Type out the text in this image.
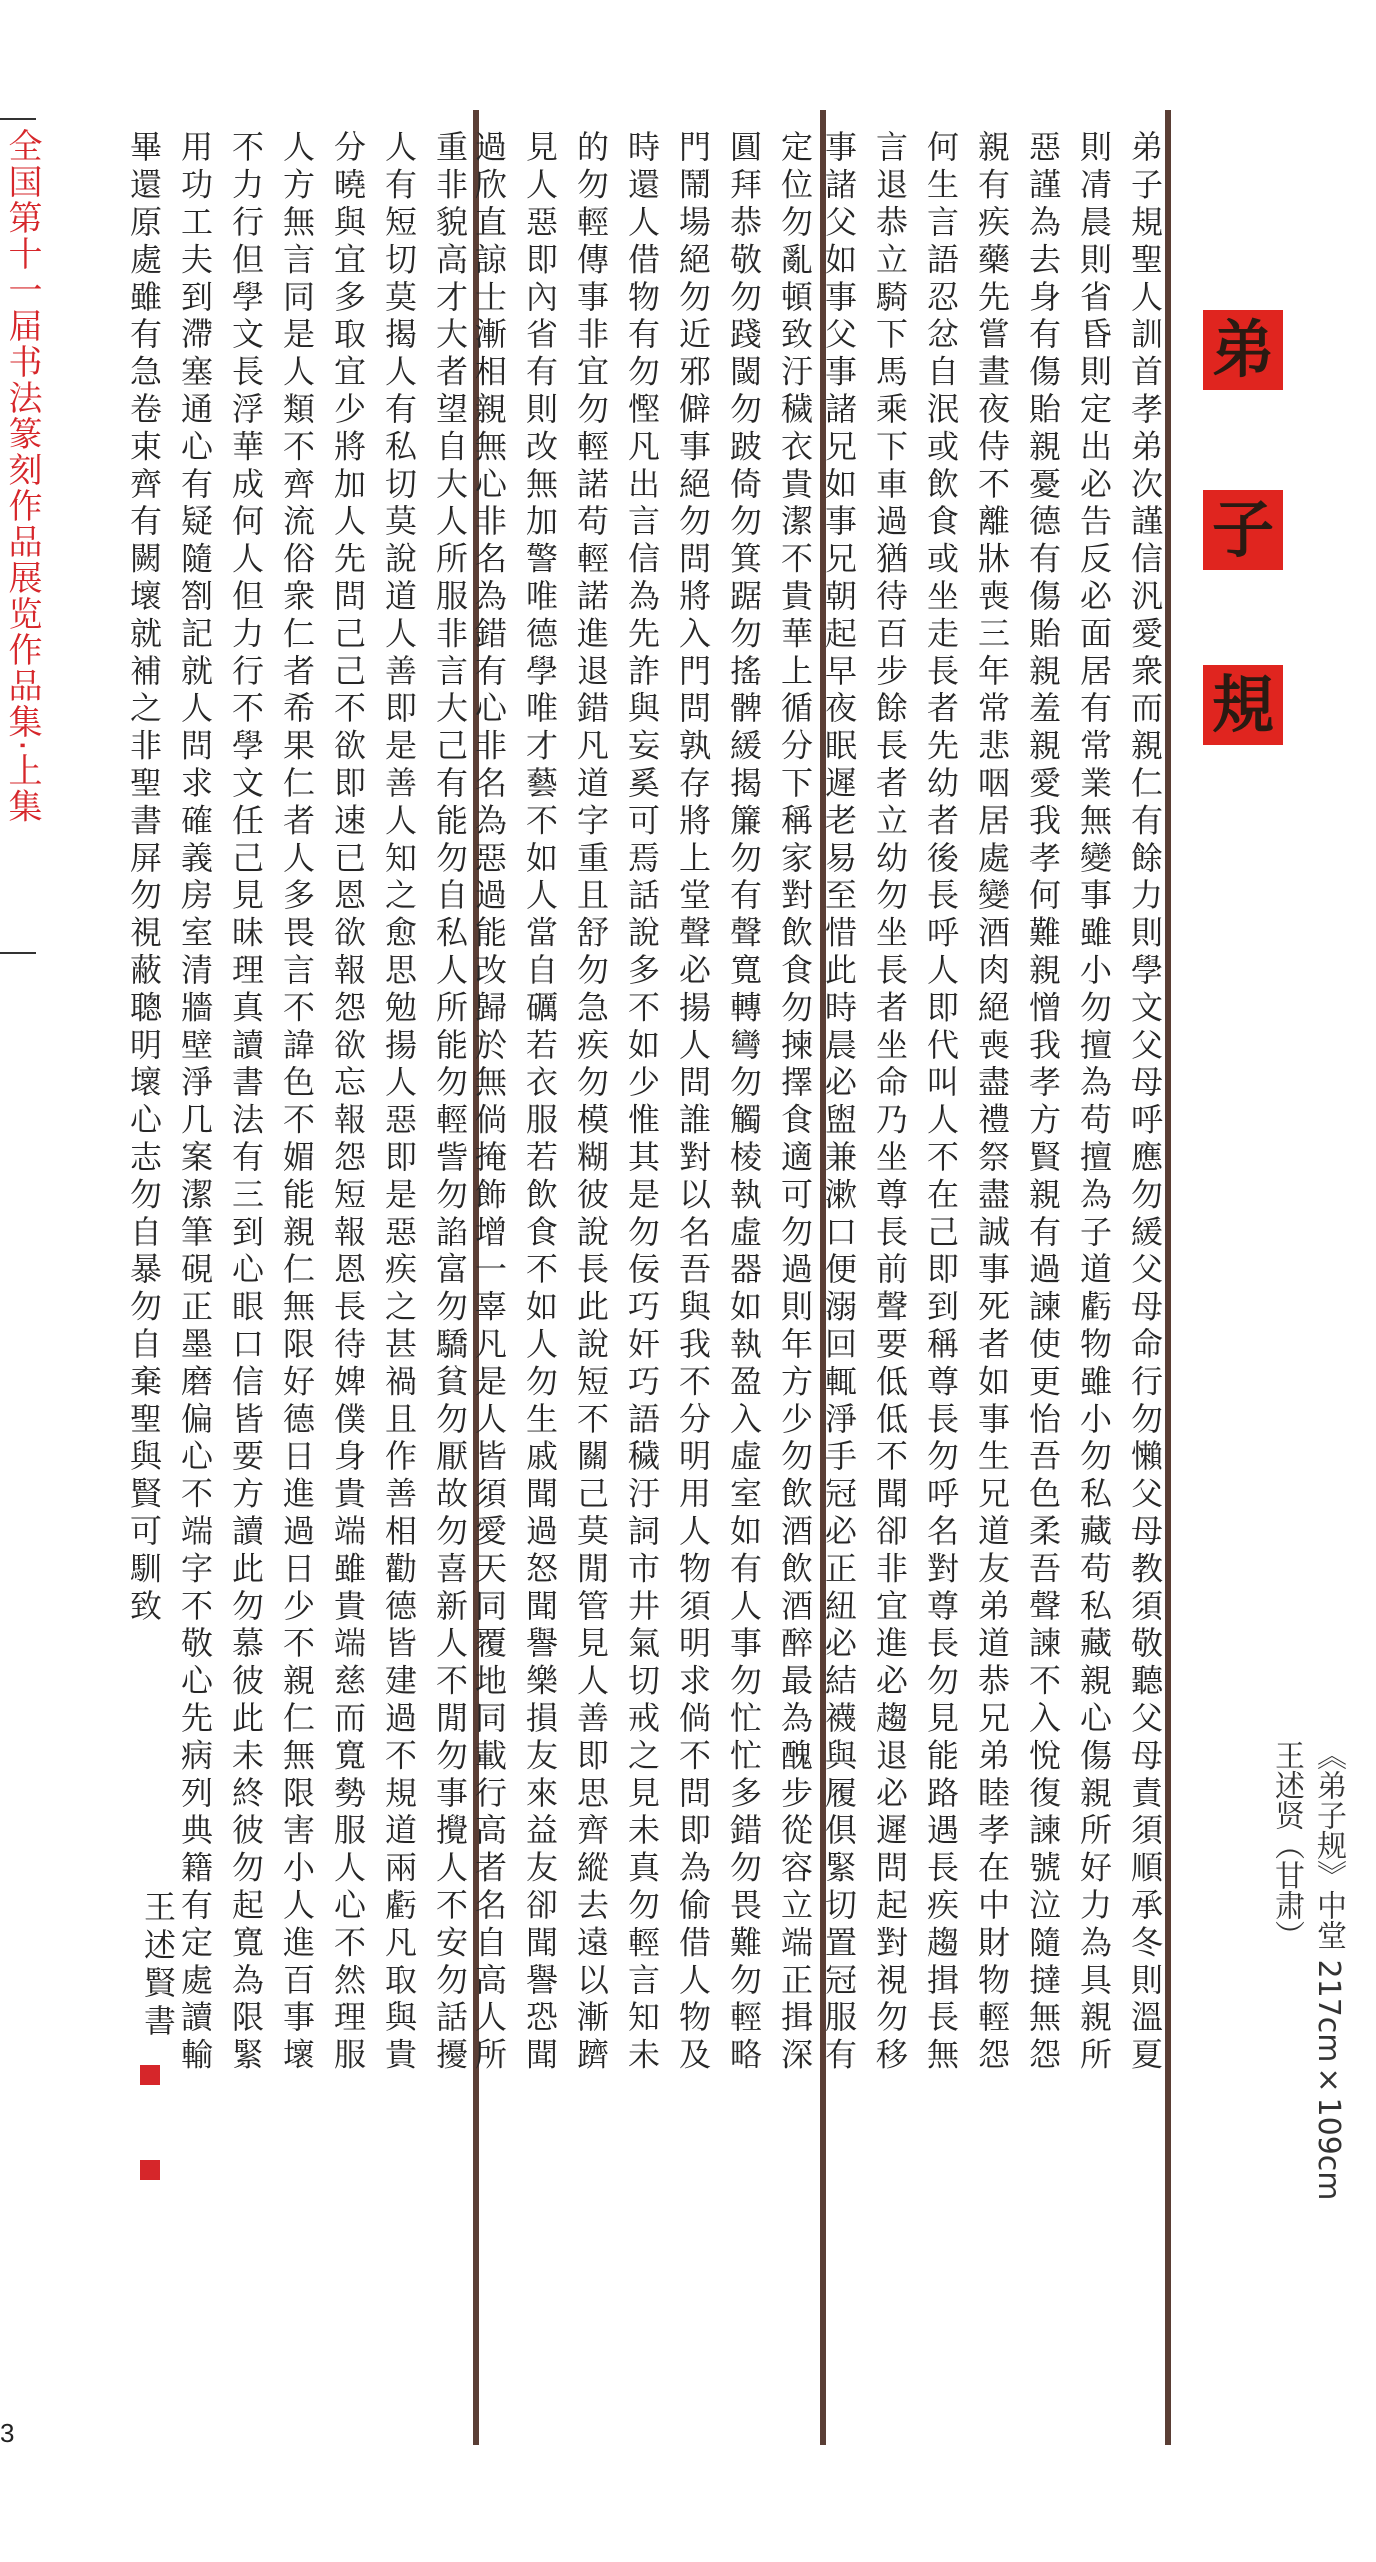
全国第十一届书法篆刻作品展览作品集·上集
3
弟子規聖人訓首孝弟次謹信汎愛衆而親仁有餘力則學文父母呼應勿緩父母命行勿懶父母教須敬聽父母責須順承冬則溫夏
則凊晨則省昏則定出必告反必面居有常業無變事雖小勿擅為苟擅為子道虧物雖小勿私藏苟私藏親心傷親所好力為具親所
惡謹為去身有傷貽親憂德有傷貽親羞親愛我孝何難親憎我孝方賢親有過諫使更怡吾色柔吾聲諫不入悅復諫號泣隨撻無怨
親有疾藥先嘗晝夜侍不離牀喪三年常悲咽居處變酒肉絕喪盡禮祭盡誠事死者如事生兄道友弟道恭兄弟睦孝在中財物輕怨
何生言語忍忿自泯或飲食或坐走長者先幼者後長呼人即代叫人不在己即到稱尊長勿呼名對尊長勿見能路遇長疾趨揖長無
言退恭立騎下馬乘下車過猶待百步餘長者立幼勿坐長者坐命乃坐尊長前聲要低低不聞卻非宜進必趨退必遲問起對視勿移
事諸父如事父事諸兄如事兄朝起早夜眠遲老易至惜此時晨必盥兼漱口便溺回輒淨手冠必正紐必結襪與履俱緊切置冠服有
定位勿亂頓致汙穢衣貴潔不貴華上循分下稱家對飲食勿揀擇食適可勿過則年方少勿飲酒飲酒醉最為醜步從容立端正揖深
圓拜恭敬勿踐閾勿跛倚勿箕踞勿搖髀緩揭簾勿有聲寬轉彎勿觸棱執虛器如執盈入虛室如有人事勿忙忙多錯勿畏難勿輕略
門鬧場絕勿近邪僻事絕勿問將入門問孰存將上堂聲必揚人問誰對以名吾與我不分明用人物須明求倘不問即為偷借人物及
時還人借物有勿慳凡出言信為先詐與妄奚可焉話說多不如少惟其是勿佞巧奸巧語穢汙詞市井氣切戒之見未真勿輕言知未
的勿輕傳事非宜勿輕諾苟輕諾進退錯凡道字重且舒勿急疾勿模糊彼說長此說短不關己莫閒管見人善即思齊縱去遠以漸躋
見人惡即內省有則改無加警唯德學唯才藝不如人當自礪若衣服若飲食不如人勿生戚聞過怒聞譽樂損友來益友卻聞譽恐聞
過欣直諒士漸相親無心非名為錯有心非名為惡過能改歸於無倘掩飾增一辜凡是人皆須愛天同覆地同載行高者名自高人所
重非貌高才大者望自大人所服非言大己有能勿自私人所能勿輕訾勿諂富勿驕貧勿厭故勿喜新人不閒勿事攪人不安勿話擾
人有短切莫揭人有私切莫說道人善即是善人知之愈思勉揚人惡即是惡疾之甚禍且作善相勸德皆建過不規道兩虧凡取與貴
分曉與宜多取宜少將加人先問己己不欲即速已恩欲報怨欲忘報怨短報恩長待婢僕身貴端雖貴端慈而寬勢服人心不然理服
人方無言同是人類不齊流俗衆仁者希果仁者人多畏言不諱色不媚能親仁無限好德日進過日少不親仁無限害小人進百事壞
不力行但學文長浮華成何人但力行不學文任己見昧理真讀書法有三到心眼口信皆要方讀此勿慕彼此未終彼勿起寬為限緊
用功工夫到滯塞通心有疑隨劄記就人問求確義房室清牆壁淨几案潔筆硯正墨磨偏心不端字不敬心先病列典籍有定處讀輸
畢還原處雖有急卷束齊有闕壞就補之非聖書屏勿視蔽聰明壞心志勿自暴勿自棄聖與賢可馴致	弟
子
規
王述賢書
王述贤（甘肃） 《弟子规》中堂 217cm×109cm
